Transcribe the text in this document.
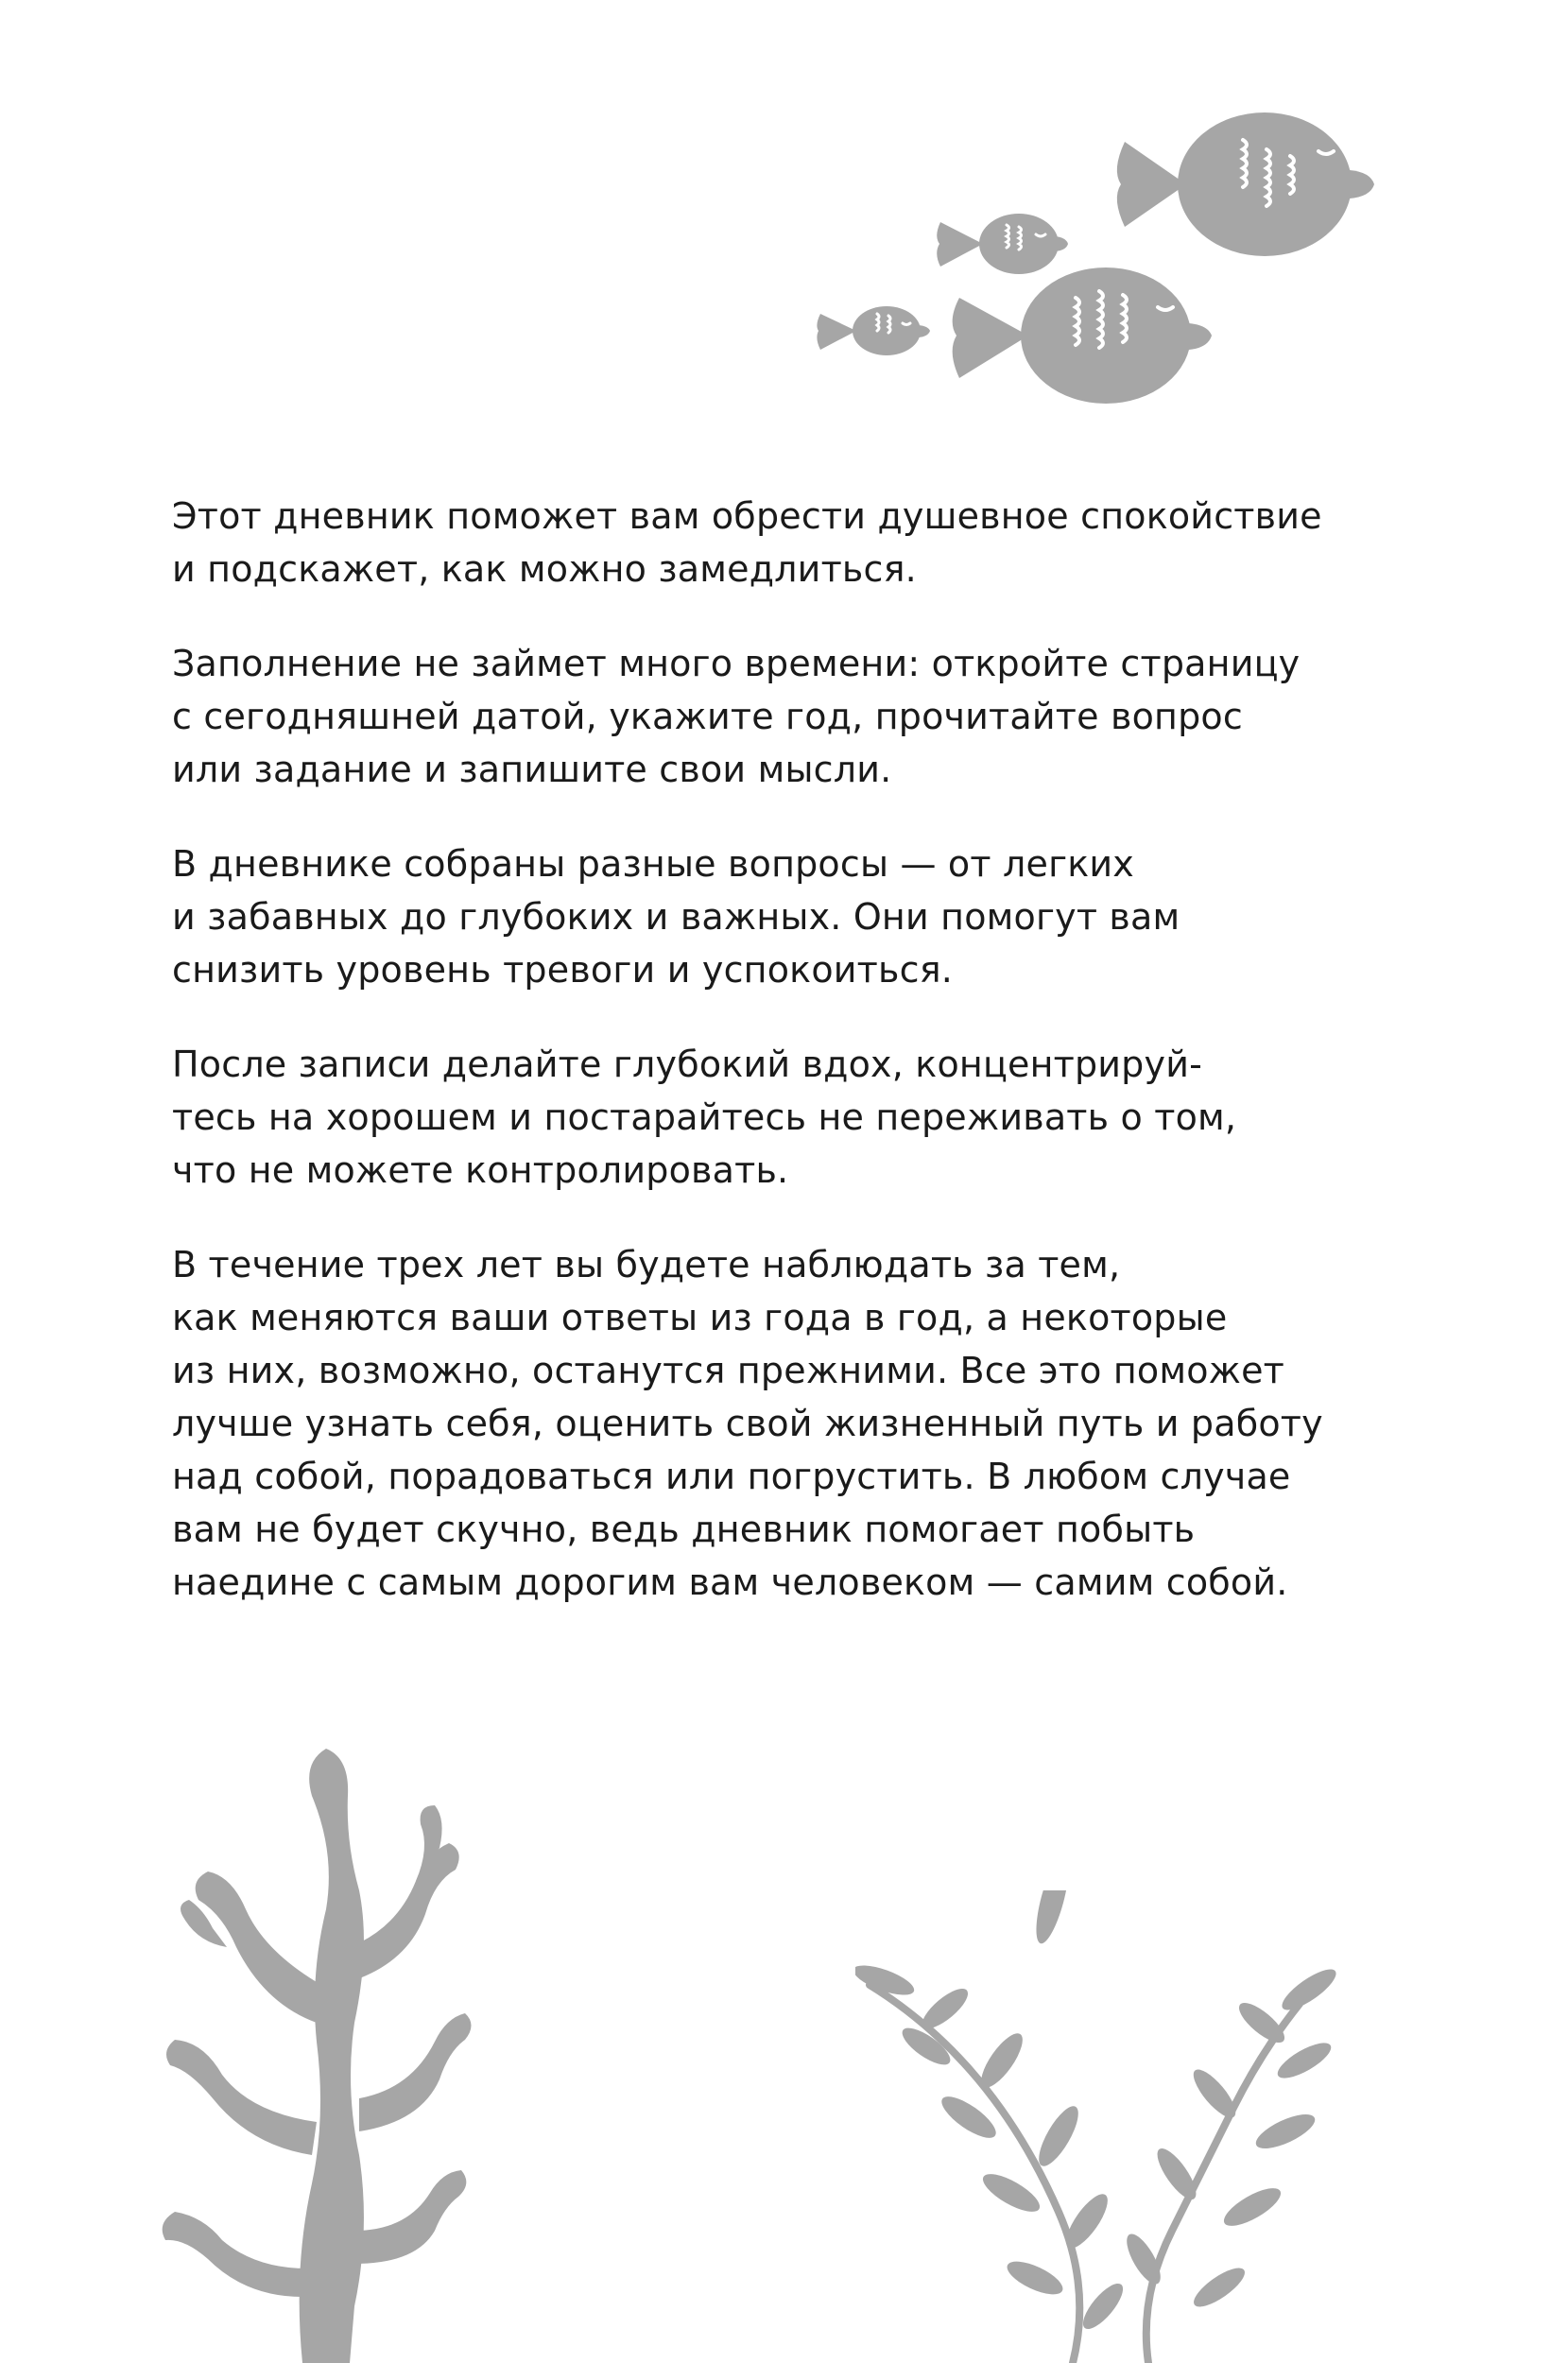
Этот дневник поможет вам обрести душевное спокойствие
и подскажет, как можно замедлиться.

Заполнение не займет много времени: откройте страницу
с сегодняшней датой, укажите год, прочитайте вопрос
или задание и запишите свои мысли.

В дневнике собраны разные вопросы — от легких
и забавных до глубоких и важных. Они помогут вам
снизить уровень тревоги и успокоиться.

После записи делайте глубокий вдох, концентрируй-
тесь на хорошем и постарайтесь не переживать о том,
что не можете контролировать.

В течение трех лет вы будете наблюдать за тем,
как меняются ваши ответы из года в год, а некоторые
из них, возможно, останутся прежними. Все это поможет
лучше узнать себя, оценить свой жизненный путь и работу
над собой, порадоваться или погрустить. В любом случае
вам не будет скучно, ведь дневник помогает побыть
наедине с самым дорогим вам человеком — самим собой.
